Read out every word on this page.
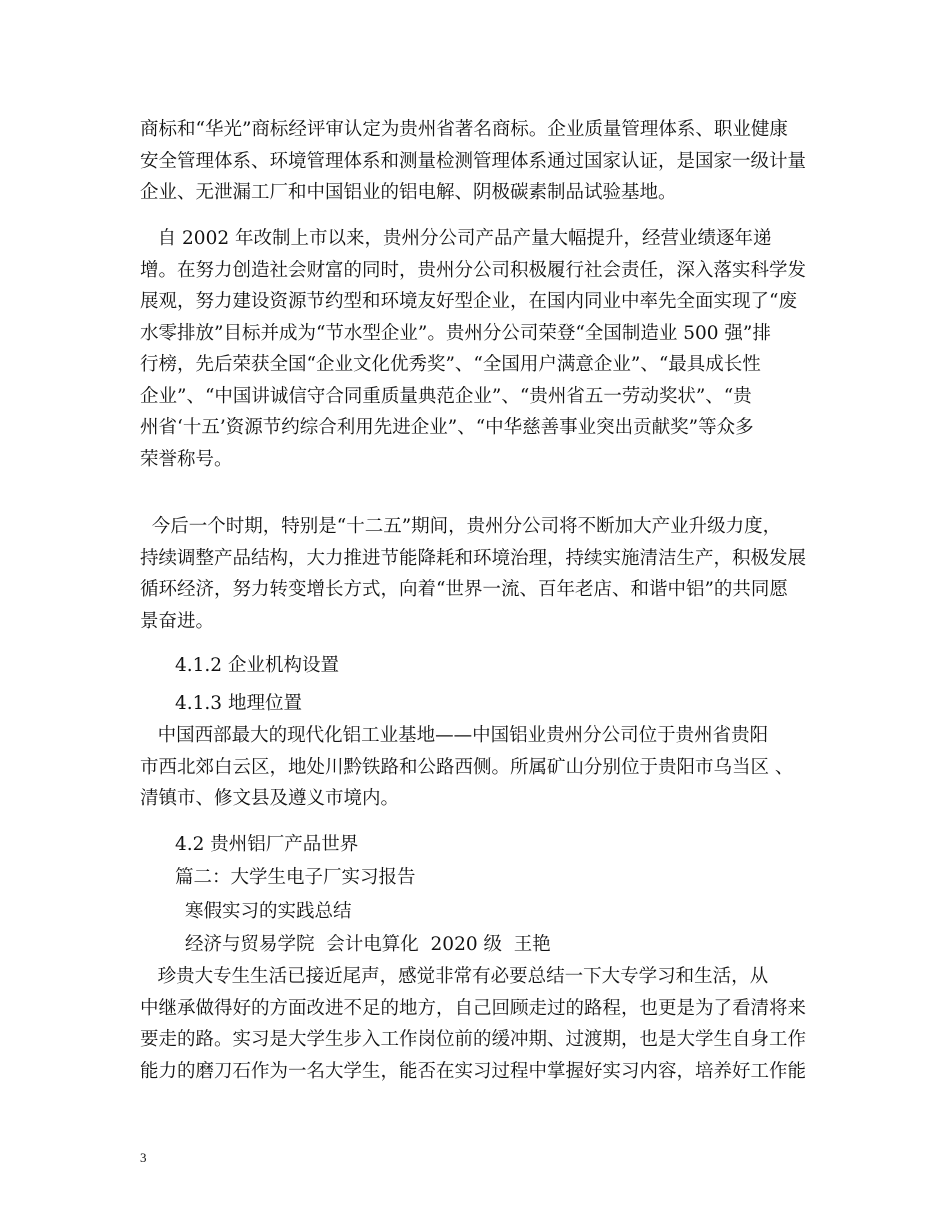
商标和“华光”商标经评审认定为贵州省著名商标。企业质量管理体系、职业健康
安全管理体系、环境管理体系和测量检测管理体系通过国家认证，是国家一级计量
企业、无泄漏工厂和中国铝业的铝电解、阴极碳素制品试验基地。
自 2002 年改制上市以来，贵州分公司产品产量大幅提升，经营业绩逐年递
增。在努力创造社会财富的同时，贵州分公司积极履行社会责任，深入落实科学发
展观，努力建设资源节约型和环境友好型企业，在国内同业中率先全面实现了“废
水零排放”目标并成为“节水型企业”。贵州分公司荣登“全国制造业 500 强”排
行榜，先后荣获全国“企业文化优秀奖”、“全国用户满意企业”、“最具成长性
企业”、“中国讲诚信守合同重质量典范企业”、“贵州省五一劳动奖状”、“贵
州省‘十五’资源节约综合利用先进企业”、“中华慈善事业突出贡献奖”等众多
荣誉称号。
今后一个时期，特别是“十二五”期间，贵州分公司将不断加大产业升级力度，
持续调整产品结构，大力推进节能降耗和环境治理，持续实施清洁生产，积极发展
循环经济，努力转变增长方式，向着“世界一流、百年老店、和谐中铝”的共同愿
景奋进。
4.1.2 企业机构设置
4.1.3 地理位置
中国西部最大的现代化铝工业基地——中国铝业贵州分公司位于贵州省贵阳
市西北郊白云区，地处川黔铁路和公路西侧。所属矿山分别位于贵阳市乌当区 、
清镇市、修文县及遵义市境内。
4.2 贵州铝厂产品世界
篇二：大学生电子厂实习报告
寒假实习的实践总结
经济与贸易学院  会计电算化  2020 级  王艳
珍贵大专生生活已接近尾声，感觉非常有必要总结一下大专学习和生活，从
中继承做得好的方面改进不足的地方，自己回顾走过的路程，也更是为了看清将来
要走的路。实习是大学生步入工作岗位前的缓冲期、过渡期，也是大学生自身工作
能力的磨刀石作为一名大学生，能否在实习过程中掌握好实习内容，培养好工作能
3
